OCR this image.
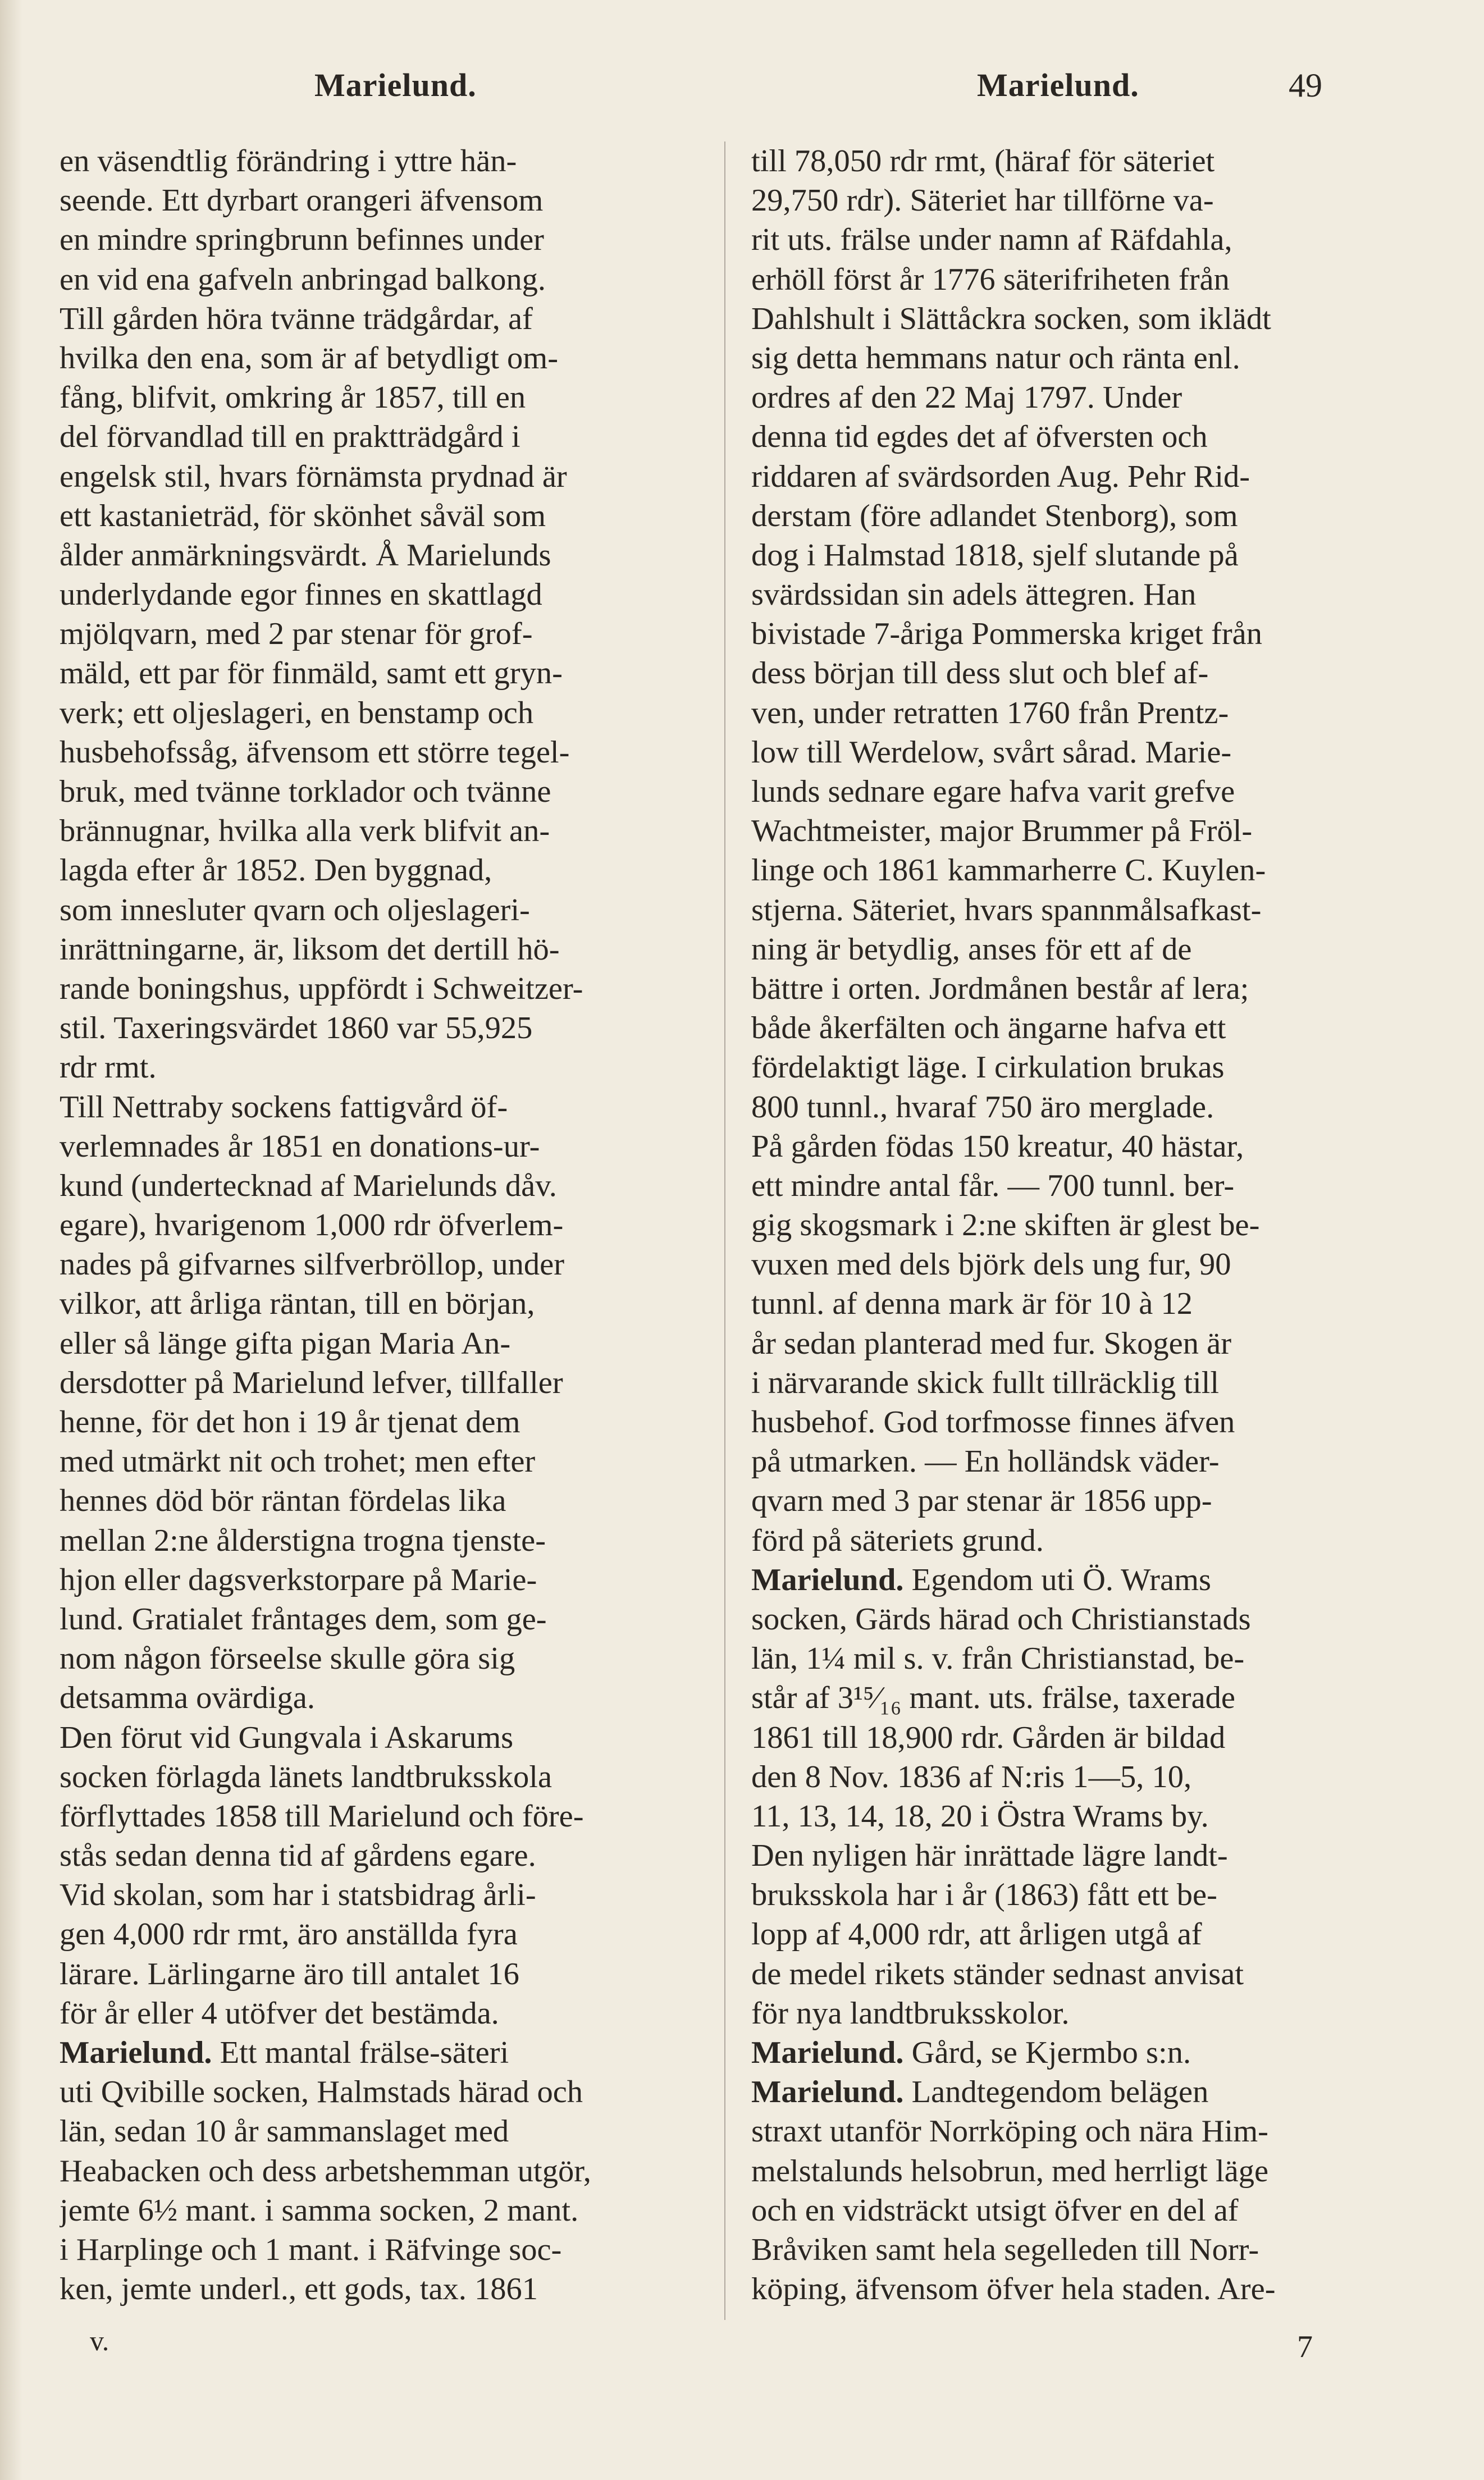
Marielund.	Marielund.	49
en väsendtlig förändring i yttre hän-
seende. Ett dyrbart orangeri äfvensom
en mindre springbrunn befinnes under
en vid ena gafveln anbringad balkong.
Till gården höra tvänne trädgårdar, af
hvilka den ena, som är af betydligt om-
fång, blifvit, omkring år 1857, till en
del förvandlad till en praktträdgård i
engelsk stil, hvars förnämsta prydnad är
ett kastanieträd, för skönhet såväl som
ålder anmärkningsvärdt. Å Marielunds
underlydande egor finnes en skattlagd
mjölqvarn, med 2 par stenar för grof-
mäld, ett par för finmäld, samt ett gryn-
verk; ett oljeslageri, en benstamp och
husbehofssåg, äfvensom ett större tegel-
bruk, med tvänne torklador och tvänne
brännugnar, hvilka alla verk blifvit an-
lagda efter år 1852. Den byggnad,
som innesluter qvarn och oljeslageri-
inrättningarne, är, liksom det dertill hö-
rande boningshus, uppfördt i Schweitzer-
stil. Taxeringsvärdet 1860 var 55,925
rdr rmt.
Till Nettraby sockens fattigvård öf-
verlemnades år 1851 en donations-ur-
kund (undertecknad af Marielunds dåv.
egare), hvarigenom 1,000 rdr öfverlem-
nades på gifvarnes silfverbröllop, under
vilkor, att årliga räntan, till en början,
eller så länge gifta pigan Maria An-
dersdotter på Marielund lefver, tillfaller
henne, för det hon i 19 år tjenat dem
med utmärkt nit och trohet; men efter
hennes död bör räntan fördelas lika
mellan 2:ne ålderstigna trogna tjenste-
hjon eller dagsverkstorpare på Marie-
lund. Gratialet fråntages dem, som ge-
nom någon förseelse skulle göra sig
detsamma ovärdiga.
Den förut vid Gungvala i Askarums
socken förlagda länets landtbruksskola
förflyttades 1858 till Marielund och före-
stås sedan denna tid af gårdens egare.
Vid skolan, som har i statsbidrag årli-
gen 4,000 rdr rmt, äro anställda fyra
lärare. Lärlingarne äro till antalet 16
för år eller 4 utöfver det bestämda.
Marielund. Ett mantal frälse-säteri
uti Qvibille socken, Halmstads härad och
län, sedan 10 år sammanslaget med
Heabacken och dess arbetshemman utgör,
jemte 6½ mant. i samma socken, 2 mant.
i Harplinge och 1 mant. i Räfvinge soc-
ken, jemte underl., ett gods, tax. 1861
till 78,050 rdr rmt, (häraf för säteriet
29,750 rdr). Säteriet har tillförne va-
rit uts. frälse under namn af Räfdahla,
erhöll först år 1776 säterifriheten från
Dahlshult i Slättåckra socken, som iklädt
sig detta hemmans natur och ränta enl.
ordres af den 22 Maj 1797. Under
denna tid egdes det af öfversten och
riddaren af svärdsorden Aug. Pehr Rid-
derstam (före adlandet Stenborg), som
dog i Halmstad 1818, sjelf slutande på
svärdssidan sin adels ättegren. Han
bivistade 7-åriga Pommerska kriget från
dess början till dess slut och blef af-
ven, under retratten 1760 från Prentz-
low till Werdelow, svårt sårad. Marie-
lunds sednare egare hafva varit grefve
Wachtmeister, major Brummer på Fröl-
linge och 1861 kammarherre C. Kuylen-
stjerna. Säteriet, hvars spannmålsafkast-
ning är betydlig, anses för ett af de
bättre i orten. Jordmånen består af lera;
både åkerfälten och ängarne hafva ett
fördelaktigt läge. I cirkulation brukas
800 tunnl., hvaraf 750 äro merglade.
På gården födas 150 kreatur, 40 hästar,
ett mindre antal får. — 700 tunnl. ber-
gig skogsmark i 2:ne skiften är glest be-
vuxen med dels björk dels ung fur, 90
tunnl. af denna mark är för 10 à 12
år sedan planterad med fur. Skogen är
i närvarande skick fullt tillräcklig till
husbehof. God torfmosse finnes äfven
på utmarken. — En holländsk väder-
qvarn med 3 par stenar är 1856 upp-
förd på säteriets grund.
Marielund. Egendom uti Ö. Wrams
socken, Gärds härad och Christianstads
län, 1¼ mil s. v. från Christianstad, be-
står af 3¹⁵⁄₁₆ mant. uts. frälse, taxerade
1861 till 18,900 rdr. Gården är bildad
den 8 Nov. 1836 af N:ris 1—5, 10,
11, 13, 14, 18, 20 i Östra Wrams by.
Den nyligen här inrättade lägre landt-
bruksskola har i år (1863) fått ett be-
lopp af 4,000 rdr, att årligen utgå af
de medel rikets ständer sednast anvisat
för nya landtbruksskolor.
Marielund. Gård, se Kjermbo s:n.
Marielund. Landtegendom belägen
straxt utanför Norrköping och nära Him-
melstalunds helsobrun, med herrligt läge
och en vidsträckt utsigt öfver en del af
Bråviken samt hela segelleden till Norr-
köping, äfvensom öfver hela staden. Are-
v.	7
